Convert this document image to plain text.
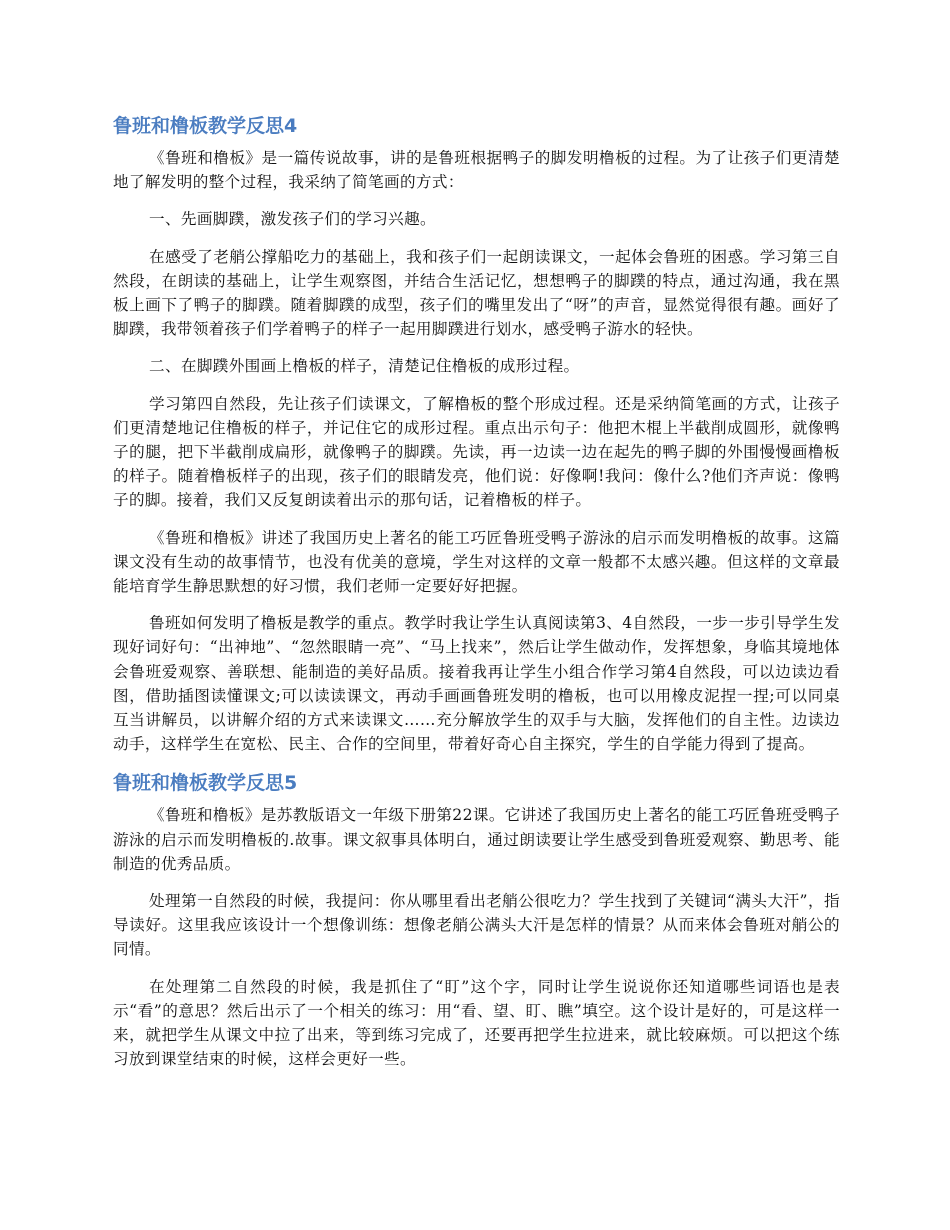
鲁班和橹板教学反思4

《鲁班和橹板》是一篇传说故事，讲的是鲁班根据鸭子的脚发明橹板的过程。为了让孩子们更清楚地了解发明的整个过程，我采纳了简笔画的方式：

一、先画脚蹼，激发孩子们的学习兴趣。

在感受了老艄公撑船吃力的基础上，我和孩子们一起朗读课文，一起体会鲁班的困惑。学习第三自然段，在朗读的基础上，让学生观察图，并结合生活记忆，想想鸭子的脚蹼的特点，通过沟通，我在黑板上画下了鸭子的脚蹼。随着脚蹼的成型，孩子们的嘴里发出了“呀”的声音，显然觉得很有趣。画好了脚蹼，我带领着孩子们学着鸭子的样子一起用脚蹼进行划水，感受鸭子游水的轻快。

二、在脚蹼外围画上橹板的样子，清楚记住橹板的成形过程。

学习第四自然段，先让孩子们读课文，了解橹板的整个形成过程。还是采纳简笔画的方式，让孩子们更清楚地记住橹板的样子，并记住它的成形过程。重点出示句子：他把木棍上半截削成圆形，就像鸭子的腿，把下半截削成扁形，就像鸭子的脚蹼。先读，再一边读一边在起先的鸭子脚的外围慢慢画橹板的样子。随着橹板样子的出现，孩子们的眼睛发亮，他们说：好像啊!我问：像什么?他们齐声说：像鸭子的脚。接着，我们又反复朗读着出示的那句话，记着橹板的样子。

《鲁班和橹板》讲述了我国历史上著名的能工巧匠鲁班受鸭子游泳的启示而发明橹板的故事。这篇课文没有生动的故事情节，也没有优美的意境，学生对这样的文章一般都不太感兴趣。但这样的文章最能培育学生静思默想的好习惯，我们老师一定要好好把握。

鲁班如何发明了橹板是教学的重点。教学时我让学生认真阅读第3、4自然段，一步一步引导学生发现好词好句：“出神地”、“忽然眼睛一亮”、“马上找来”，然后让学生做动作，发挥想象，身临其境地体会鲁班爱观察、善联想、能制造的美好品质。接着我再让学生小组合作学习第4自然段，可以边读边看图，借助插图读懂课文;可以读读课文，再动手画画鲁班发明的橹板，也可以用橡皮泥捏一捏;可以同桌互当讲解员，以讲解介绍的方式来读课文……充分解放学生的双手与大脑，发挥他们的自主性。边读边动手，这样学生在宽松、民主、合作的空间里，带着好奇心自主探究，学生的自学能力得到了提高。

鲁班和橹板教学反思5

《鲁班和橹板》是苏教版语文一年级下册第22课。它讲述了我国历史上著名的能工巧匠鲁班受鸭子游泳的启示而发明橹板的.故事。课文叙事具体明白，通过朗读要让学生感受到鲁班爱观察、勤思考、能制造的优秀品质。

处理第一自然段的时候，我提问：你从哪里看出老艄公很吃力？学生找到了关键词“满头大汗”，指导读好。这里我应该设计一个想像训练：想像老艄公满头大汗是怎样的情景？从而来体会鲁班对艄公的同情。

在处理第二自然段的时候，我是抓住了“盯”这个字，同时让学生说说你还知道哪些词语也是表示“看”的意思？然后出示了一个相关的练习：用“看、望、盯、瞧”填空。这个设计是好的，可是这样一来，就把学生从课文中拉了出来，等到练习完成了，还要再把学生拉进来，就比较麻烦。可以把这个练习放到课堂结束的时候，这样会更好一些。
